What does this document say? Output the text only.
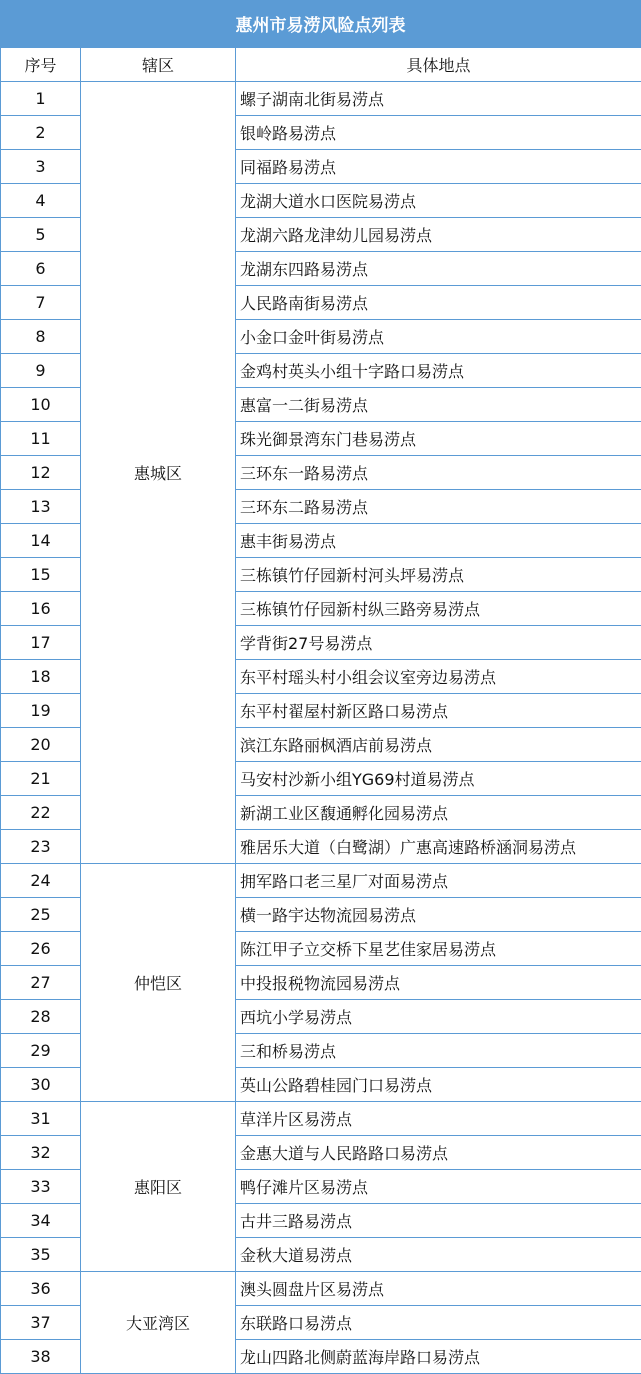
惠州市易涝风险点列表
序号	辖区	具体地点
1	惠城区	螺子湖南北街易涝点
2		银岭路易涝点
3		同福路易涝点
4		龙湖大道水口医院易涝点
5		龙湖六路龙津幼儿园易涝点
6		龙湖东四路易涝点
7		人民路南街易涝点
8		小金口金叶街易涝点
9		金鸡村英头小组十字路口易涝点
10		惠富一二街易涝点
11		珠光御景湾东门巷易涝点
12		三环东一路易涝点
13		三环东二路易涝点
14		惠丰街易涝点
15		三栋镇竹仔园新村河头坪易涝点
16		三栋镇竹仔园新村纵三路旁易涝点
17		学背街27号易涝点
18		东平村瑶头村小组会议室旁边易涝点
19		东平村翟屋村新区路口易涝点
20		滨江东路丽枫酒店前易涝点
21		马安村沙新小组YG69村道易涝点
22		新湖工业区馥通孵化园易涝点
23		雅居乐大道（白鹭湖）广惠高速路桥涵洞易涝点
24	仲恺区	拥军路口老三星厂对面易涝点
25		横一路宇达物流园易涝点
26		陈江甲子立交桥下星艺佳家居易涝点
27		中投报税物流园易涝点
28		西坑小学易涝点
29		三和桥易涝点
30		英山公路碧桂园门口易涝点
31	惠阳区	草洋片区易涝点
32		金惠大道与人民路路口易涝点
33		鸭仔滩片区易涝点
34		古井三路易涝点
35		金秋大道易涝点
36	大亚湾区	澳头圆盘片区易涝点
37		东联路口易涝点
38		龙山四路北侧蔚蓝海岸路口易涝点
